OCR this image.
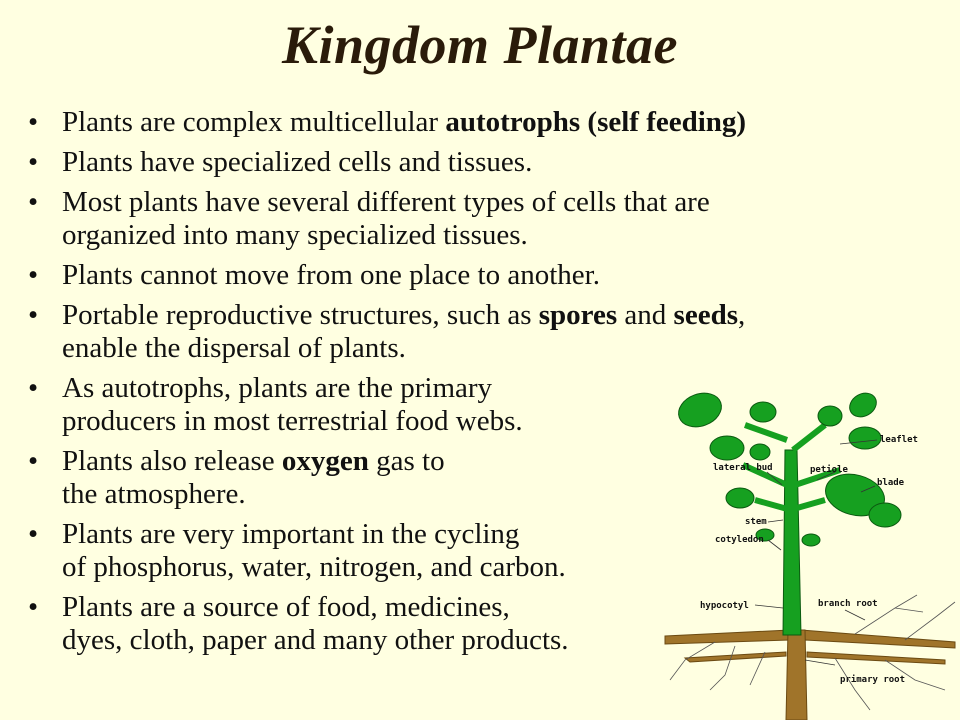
Kingdom Plantae
• Plants are complex multicellular autotrophs (self feeding)
• Plants have specialized cells and tissues.
• Most plants have several different types of cells that are
organized into many specialized tissues.
• Plants cannot move from one place to another.
• Portable reproductive structures, such as spores and seeds,
enable the dispersal of plants.
• As autotrophs, plants are the primary
producers in most terrestrial food webs.
• Plants also release oxygen gas to
the atmosphere.
• Plants are very important in the cycling
of phosphorus, water, nitrogen, and carbon.
• Plants are a source of food, medicines,
dyes, cloth, paper and many other products.
leaflet
lateral bud	petiole
blade
stem
cotyledon
hypocotyl	branch root
primary root
